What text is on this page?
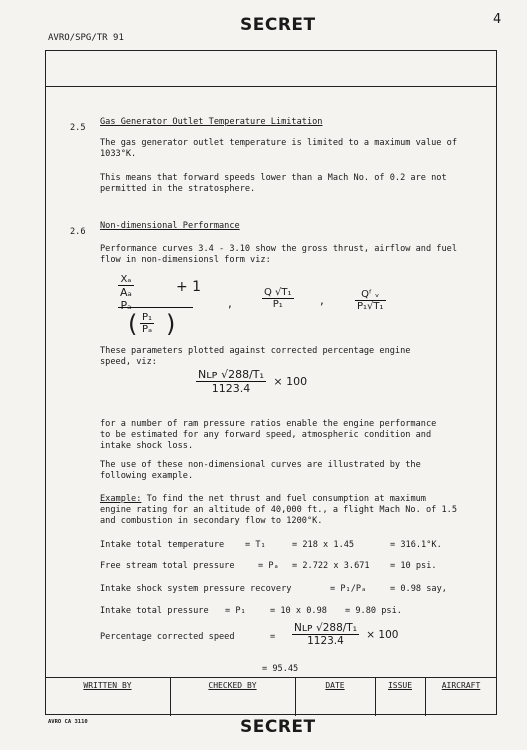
AVRO/SPG/TR 91
SECRET	4
2.5
Gas Generator Outlet Temperature Limitation
The gas generator outlet temperature is limited to a maximum value of
1033°K.
This means that forward speeds lower than a Mach No. of 0.2 are not
permitted in the stratosphere.
2.6
Non-dimensional Performance
Performance curves 3.4 - 3.10 show the gross thrust, airflow and fuel
flow in non-dimensionsl form viz:
$\frac{\text{Xₐ}}{\text{Aₐ Pₐ}}$	+ 1
( $\frac{\text{P₁}}{\text{Pₐ}}$ )
,	$\frac{\text{Q √T₁}}{\text{P₁}}$ ,	$\frac{\text{Qᶠ ᵥ}}{\text{P₁√T₁}}$
These parameters plotted against corrected percentage engine
speed, viz:
$\frac{\text{Nʟᴘ √288/T₁}}{1123.4} \times 100$
for a number of ram pressure ratios enable the engine performance
to be estimated for any forward speed, atmospheric condition and
intake shock loss.
The use of these non-dimensional curves are illustrated by the
following example.
Example: To find the net thrust and fuel consumption at maximum
engine rating for an altitude of 40,000 ft., a flight Mach No. of 1.5
and combustion in secondary flow to 1200°K.
Intake total temperature = T₁	= 218 x 1.45	= 316.1°K.
Free stream total pressure	= Pₐ = 2.722 x 3.671 = 10 psi.
Intake shock system pressure recovery	= P₁/Pₐ	= 0.98 say,
Intake total pressure = P₁	= 10 x 0.98 = 9.80 psi.
Percentage corrected speed	= $\frac{\text{Nʟᴘ √288/T₁}}{1123.4} \times 100$
= 95.45
WRITTEN BY	CHECKED BY	DATE	ISSUE	AIRCRAFT
AVRO CA 3110	SECRET
